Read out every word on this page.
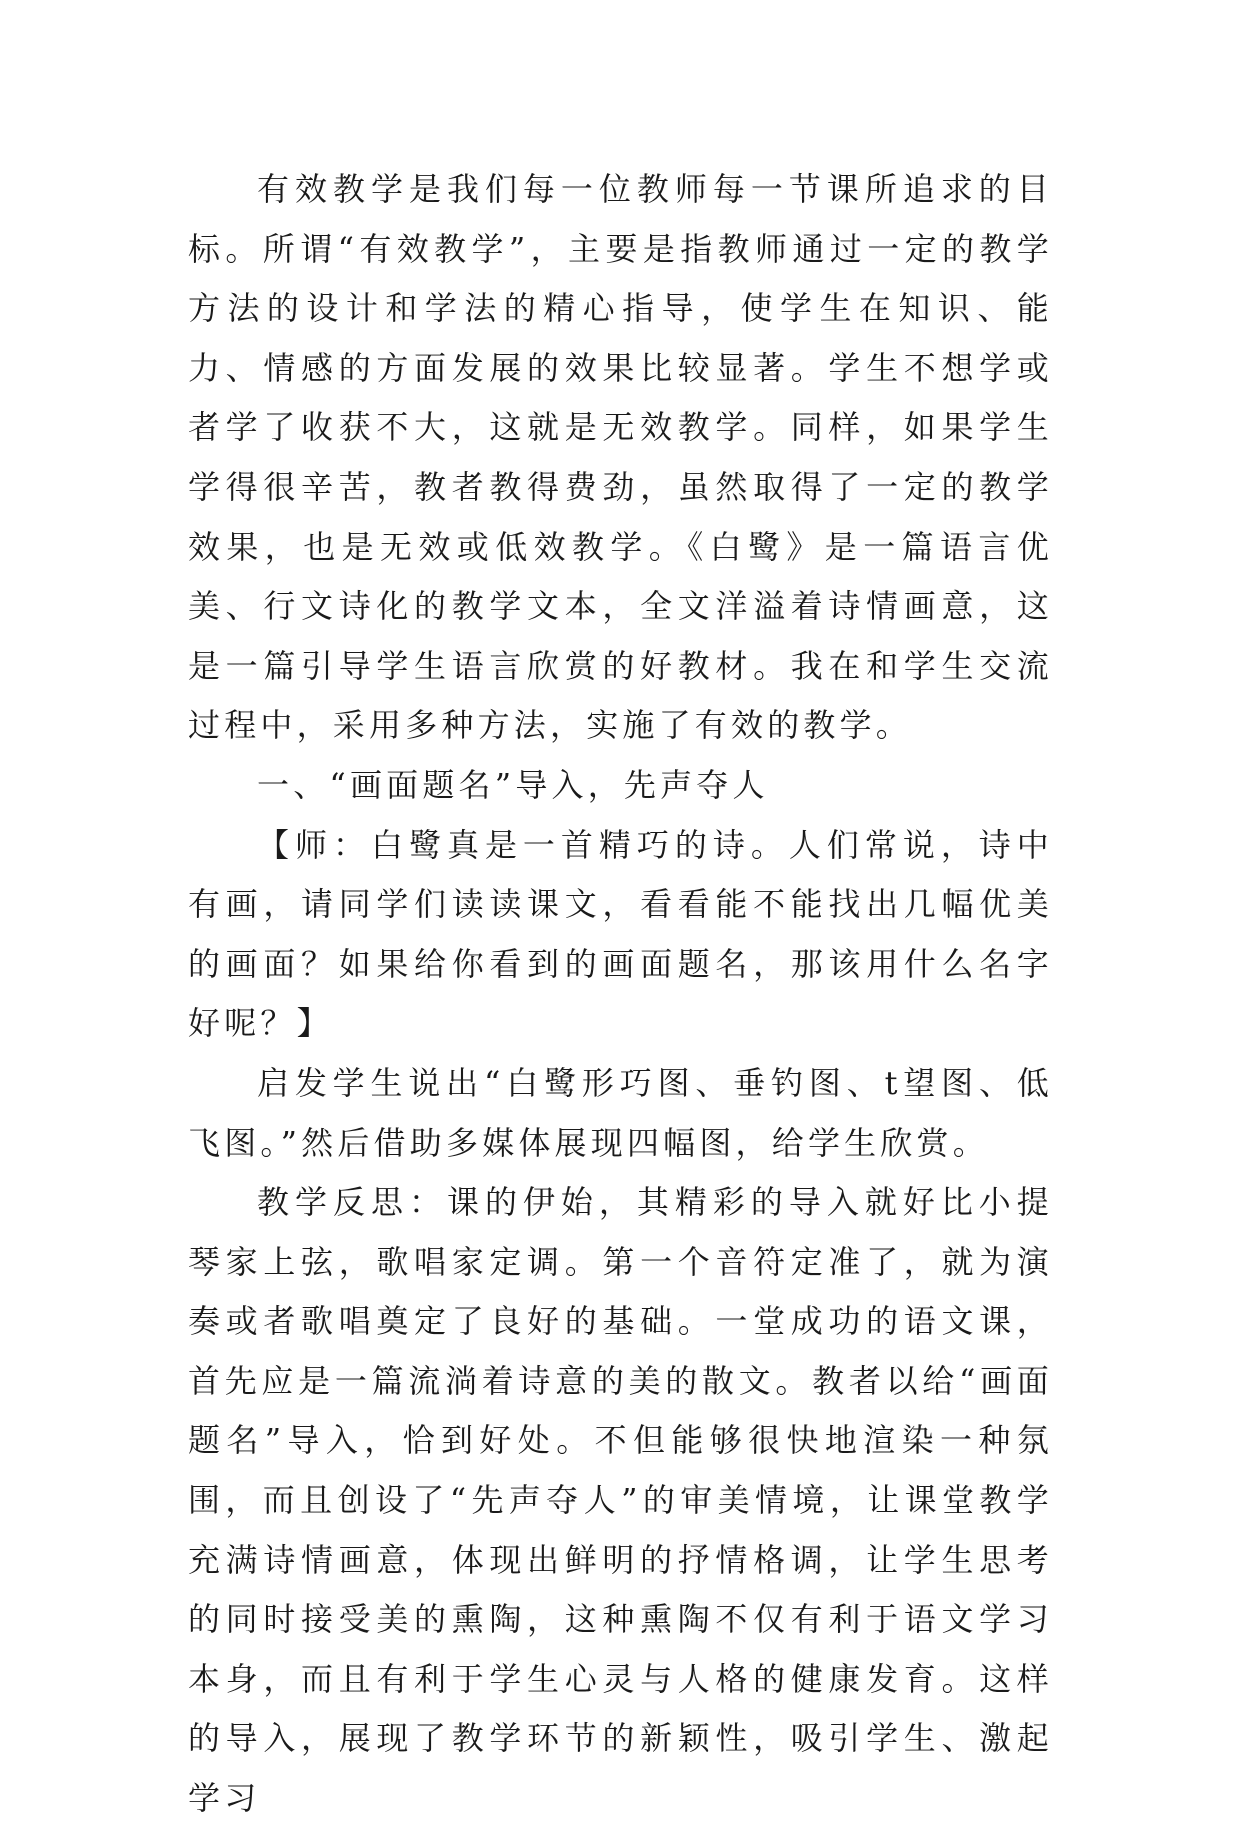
有效教学是我们每一位教师每一节课所追求的目标。所谓“有效教学”，主要是指教师通过一定的教学方法的设计和学法的精心指导，使学生在知识、能力、情感的方面发展的效果比较显著。学生不想学或者学了收获不大，这就是无效教学。同样，如果学生学得很辛苦，教者教得费劲，虽然取得了一定的教学效果，也是无效或低效教学。《白鹭》是一篇语言优美、行文诗化的教学文本，全文洋溢着诗情画意，这是一篇引导学生语言欣赏的好教材。我在和学生交流过程中，采用多种方法，实施了有效的教学。

一、“画面题名”导入，先声夺人

【师：白鹭真是一首精巧的诗。人们常说，诗中有画，请同学们读读课文，看看能不能找出几幅优美的画面？如果给你看到的画面题名，那该用什么名字好呢？】

启发学生说出“白鹭形巧图、垂钓图、t望图、低飞图。”然后借助多媒体展现四幅图，给学生欣赏。

教学反思：课的伊始，其精彩的导入就好比小提琴家上弦，歌唱家定调。第一个音符定准了，就为演奏或者歌唱奠定了良好的基础。一堂成功的语文课，首先应是一篇流淌着诗意的美的散文。教者以给“画面题名”导入，恰到好处。不但能够很快地渲染一种氛围，而且创设了“先声夺人”的审美情境，让课堂教学充满诗情画意，体现出鲜明的抒情格调，让学生思考的同时接受美的熏陶，这种熏陶不仅有利于语文学习本身，而且有利于学生心灵与人格的健康发育。这样的导入，展现了教学环节的新颖性，吸引学生、激起学习
